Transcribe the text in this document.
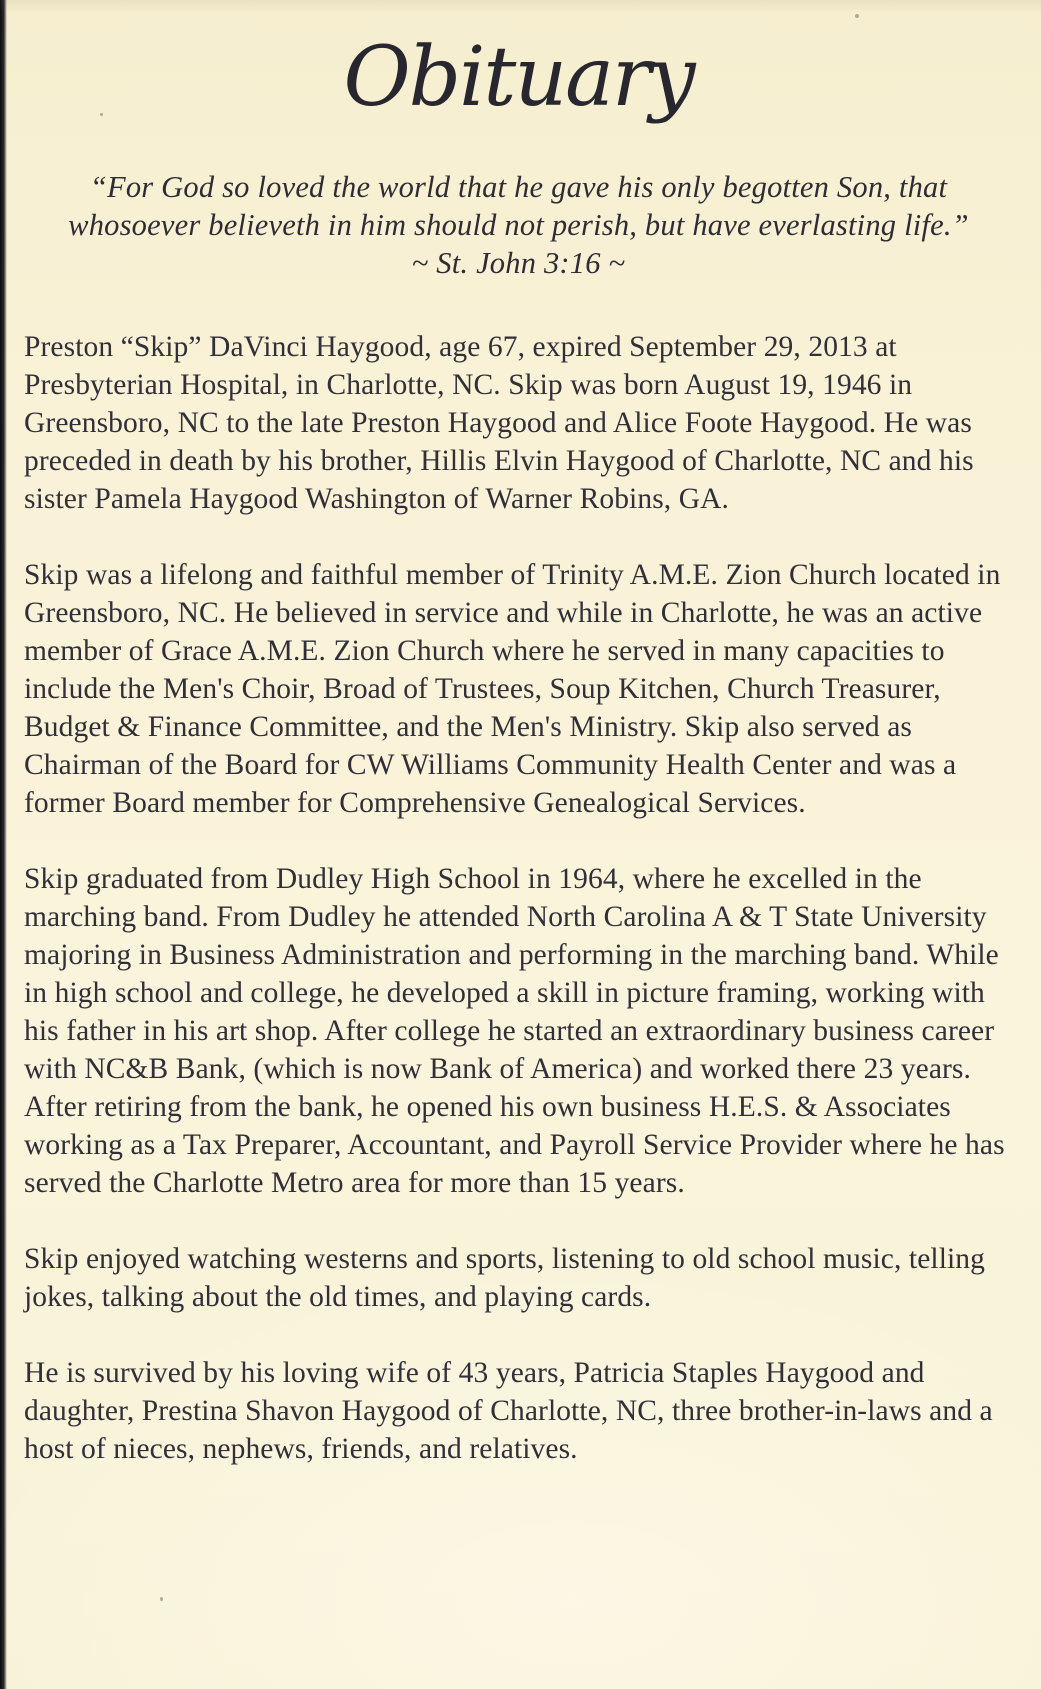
Obituary
“For God so loved the world that he gave his only begotten Son, that
whosoever believeth in him should not perish, but have everlasting life.”
~ St. John 3:16 ~

Preston “Skip” DaVinci Haygood, age 67, expired September 29, 2013 at Presbyterian Hospital, in Charlotte, NC. Skip was born August 19, 1946 in Greensboro, NC to the late Preston Haygood and Alice Foote Haygood. He was preceded in death by his brother, Hillis Elvin Haygood of Charlotte, NC and his sister Pamela Haygood Washington of Warner Robins, GA.

Skip was a lifelong and faithful member of Trinity A.M.E. Zion Church located in Greensboro, NC. He believed in service and while in Charlotte, he was an active member of Grace A.M.E. Zion Church where he served in many capacities to include the Men's Choir, Broad of Trustees, Soup Kitchen, Church Treasurer, Budget & Finance Committee, and the Men's Ministry. Skip also served as Chairman of the Board for CW Williams Community Health Center and was a former Board member for Comprehensive Genealogical Services.

Skip graduated from Dudley High School in 1964, where he excelled in the marching band. From Dudley he attended North Carolina A & T State University majoring in Business Administration and performing in the marching band. While in high school and college, he developed a skill in picture framing, working with his father in his art shop. After college he started an extraordinary business career with NC&B Bank, (which is now Bank of America) and worked there 23 years. After retiring from the bank, he opened his own business H.E.S. & Associates working as a Tax Preparer, Accountant, and Payroll Service Provider where he has served the Charlotte Metro area for more than 15 years.

Skip enjoyed watching westerns and sports, listening to old school music, telling jokes, talking about the old times, and playing cards.

He is survived by his loving wife of 43 years, Patricia Staples Haygood and daughter, Prestina Shavon Haygood of Charlotte, NC, three brother-in-laws and a host of nieces, nephews, friends, and relatives.
